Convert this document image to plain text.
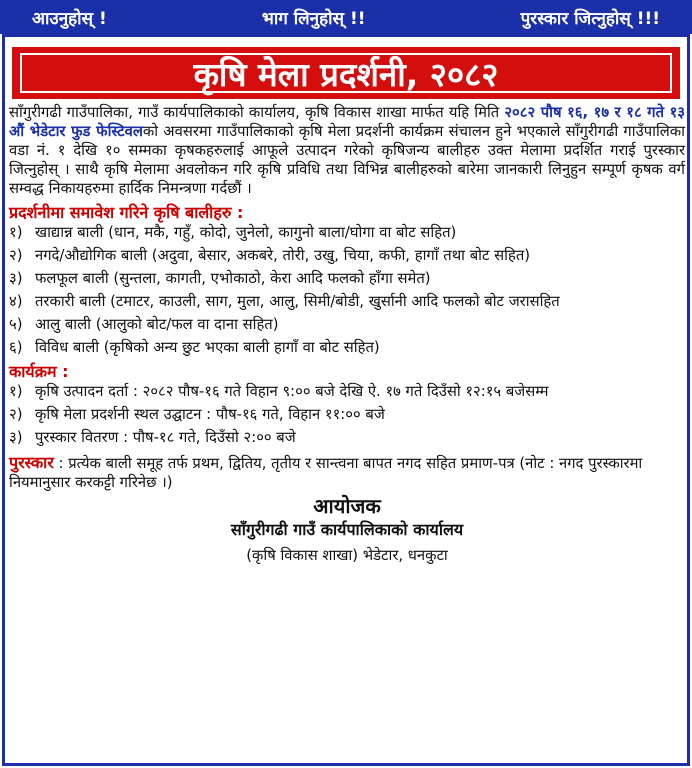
आउनुहोस् !	भाग लिनुहोस् !!	पुरस्कार जित्नुहोस् !!!
कृषि मेला प्रदर्शनी, २०८२
साँगुरीगढी गाउँपालिका, गाउँ कार्यपालिकाको कार्यालय, कृषि विकास शाखा मार्फत यहि मिति २०८२ पौष १६, १७ र १८ गते १३ औं भेडेटार फुड फेस्टिवलको अवसरमा गाउँपालिकाको कृषि मेला प्रदर्शनी कार्यक्रम संचालन हुने भएकाले साँगुरीगढी गाउँपालिका वडा नं. १ देखि १० सम्मका कृषकहरुलाई आफूले उत्पादन गरेको कृषिजन्य बालीहरु उक्त मेलामा प्रदर्शित गराई पुरस्कार जित्नुहोस् । साथै कृषि मेलामा अवलोकन गरि कृषि प्रविधि तथा विभिन्न बालीहरुको बारेमा जानकारी लिनुहुन सम्पूर्ण कृषक वर्ग सम्वद्ध निकायहरुमा हार्दिक निमन्त्रणा गर्दछौं ।
प्रदर्शनीमा समावेश गरिने कृषि बालीहरु :
१) खाद्यान्न बाली (धान, मकै, गहुँ, कोदो, जुनेलो, कागुनो बाला/घोगा वा बोट सहित)
२) नगदे/औद्योगिक बाली (अदुवा, बेसार, अकबरे, तोरी, उखु, चिया, कफी, हागाँ तथा बोट सहित)
३) फलफूल बाली (सुन्तला, कागती, एभोकाठो, केरा आदि फलको हाँगा समेत)
४) तरकारी बाली (टमाटर, काउली, साग, मुला, आलु, सिमी/बोडी, खुर्सानी आदि फलको बोट जरासहित
५) आलु बाली (आलुको बोट/फल वा दाना सहित)
६) विविध बाली (कृषिको अन्य छुट भएका बाली हागाँ वा बोट सहित)
कार्यक्रम :
१) कृषि उत्पादन दर्ता : २०८२ पौष-१६ गते विहान ९:०० बजे देखि ऐ. १७ गते दिउँसो १२:१५ बजेसम्म
२) कृषि मेला प्रदर्शनी स्थल उद्घाटन : पौष-१६ गते, विहान ११:०० बजे
३) पुरस्कार वितरण : पौष-१८ गते, दिउँसो २:०० बजे
पुरस्कार : प्रत्येक बाली समूह तर्फ प्रथम, द्वितिय, तृतीय र सान्त्वना बापत नगद सहित प्रमाण-पत्र (नोट : नगद पुरस्कारमा नियमानुसार करकट्टी गरिनेछ ।)
आयोजक
साँगुरीगढी गाउँ कार्यपालिकाको कार्यालय
(कृषि विकास शाखा) भेडेटार, धनकुटा
